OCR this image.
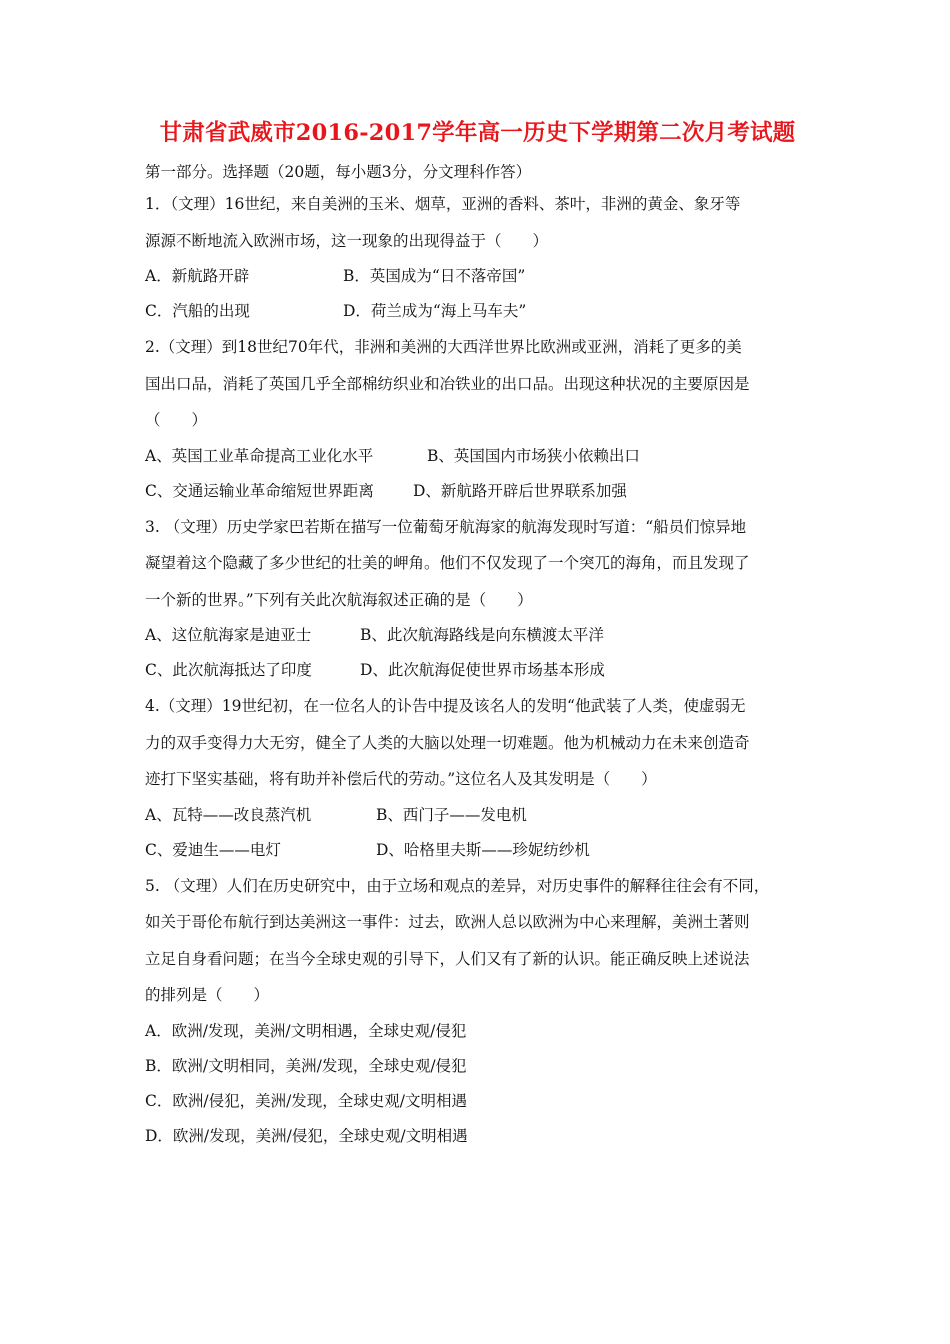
甘肃省武威市2016-2017学年高一历史下学期第二次月考试题
第一部分。选择题（20题，每小题3分，分文理科作答）
1．（文理）16世纪，来自美洲的玉米、烟草，亚洲的香料、茶叶，非洲的黄金、象牙等
源源不断地流入欧洲市场，这一现象的出现得益于（　　）
A．新航路开辟	B．英国成为“日不落帝国”
C．汽船的出现	D．荷兰成为“海上马车夫”
2.（文理）到18世纪70年代，非洲和美洲的大西洋世界比欧洲或亚洲，消耗了更多的美
国出口品，消耗了英国几乎全部棉纺织业和冶铁业的出口品。出现这种状况的主要原因是
（　　）
A、英国工业革命提高工业化水平	B、英国国内市场狭小依赖出口
C、交通运输业革命缩短世界距离	D、新航路开辟后世界联系加强
3. （文理）历史学家巴若斯在描写一位葡萄牙航海家的航海发现时写道：“船员们惊异地
凝望着这个隐藏了多少世纪的壮美的岬角。他们不仅发现了一个突兀的海角，而且发现了
一个新的世界。”下列有关此次航海叙述正确的是（　　）
A、这位航海家是迪亚士	B、此次航海路线是向东横渡太平洋
C、此次航海抵达了印度	D、此次航海促使世界市场基本形成
4.（文理）19世纪初，在一位名人的讣告中提及该名人的发明“他武装了人类，使虚弱无
力的双手变得力大无穷，健全了人类的大脑以处理一切难题。他为机械动力在未来创造奇
迹打下坚实基础，将有助并补偿后代的劳动。”这位名人及其发明是（　　）
A、瓦特——改良蒸汽机	B、西门子——发电机
C、爱迪生——电灯	D、哈格里夫斯——珍妮纺纱机
5. （文理）人们在历史研究中，由于立场和观点的差异，对历史事件的解释往往会有不同，
如关于哥伦布航行到达美洲这一事件：过去，欧洲人总以欧洲为中心来理解，美洲土著则
立足自身看问题；在当今全球史观的引导下，人们又有了新的认识。能正确反映上述说法
的排列是（　　）
A．欧洲/发现，美洲/文明相遇，全球史观/侵犯
B．欧洲/文明相同，美洲/发现，全球史观/侵犯
C．欧洲/侵犯，美洲/发现，全球史观/文明相遇
D．欧洲/发现，美洲/侵犯，全球史观/文明相遇
